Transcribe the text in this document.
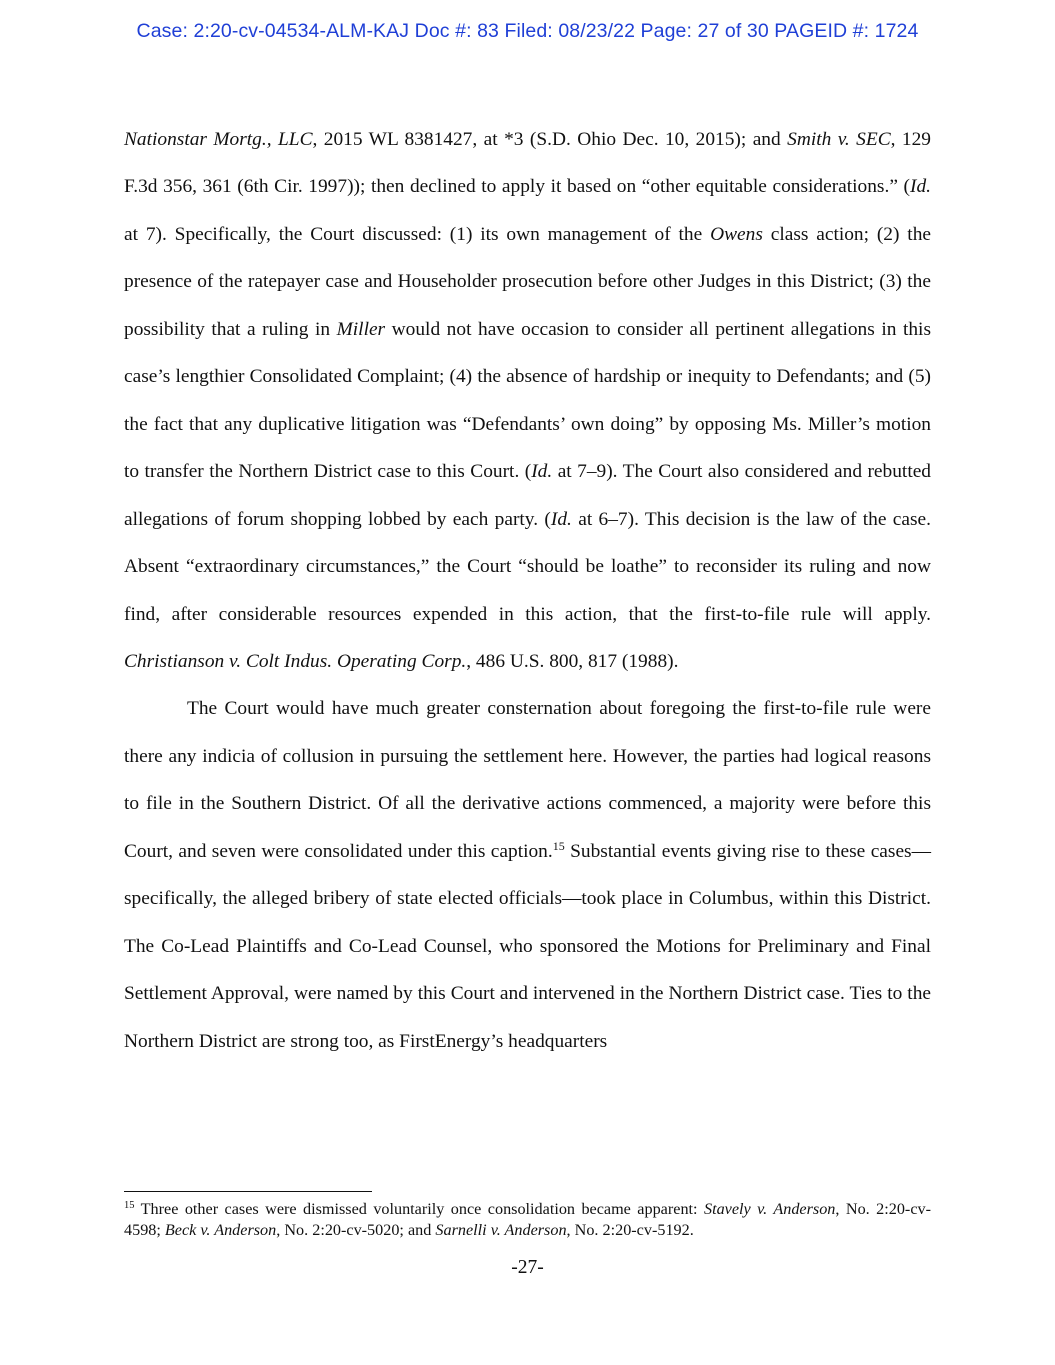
Case: 2:20-cv-04534-ALM-KAJ Doc #: 83 Filed: 08/23/22 Page: 27 of 30 PAGEID #: 1724

Nationstar Mortg., LLC, 2015 WL 8381427, at *3 (S.D. Ohio Dec. 10, 2015); and Smith v. SEC, 129 F.3d 356, 361 (6th Cir. 1997)); then declined to apply it based on “other equitable considerations.” (Id. at 7). Specifically, the Court discussed: (1) its own management of the Owens class action; (2) the presence of the ratepayer case and Householder prosecution before other Judges in this District; (3) the possibility that a ruling in Miller would not have occasion to consider all pertinent allegations in this case’s lengthier Consolidated Complaint; (4) the absence of hardship or inequity to Defendants; and (5) the fact that any duplicative litigation was “Defendants’ own doing” by opposing Ms. Miller’s motion to transfer the Northern District case to this Court. (Id. at 7–9). The Court also considered and rebutted allegations of forum shopping lobbed by each party. (Id. at 6–7). This decision is the law of the case. Absent “extraordinary circumstances,” the Court “should be loathe” to reconsider its ruling and now find, after considerable resources expended in this action, that the first-to-file rule will apply. Christianson v. Colt Indus. Operating Corp., 486 U.S. 800, 817 (1988).

The Court would have much greater consternation about foregoing the first-to-file rule were there any indicia of collusion in pursuing the settlement here. However, the parties had logical reasons to file in the Southern District. Of all the derivative actions commenced, a majority were before this Court, and seven were consolidated under this caption.$^{15}$ Substantial events giving rise to these cases—specifically, the alleged bribery of state elected officials—took place in Columbus, within this District. The Co-Lead Plaintiffs and Co-Lead Counsel, who sponsored the Motions for Preliminary and Final Settlement Approval, were named by this Court and intervened in the Northern District case. Ties to the Northern District are strong too, as FirstEnergy’s headquarters

$^{15}$ Three other cases were dismissed voluntarily once consolidation became apparent: Stavely v. Anderson, No. 2:20-cv-4598; Beck v. Anderson, No. 2:20-cv-5020; and Sarnelli v. Anderson, No. 2:20-cv-5192.
-27-
